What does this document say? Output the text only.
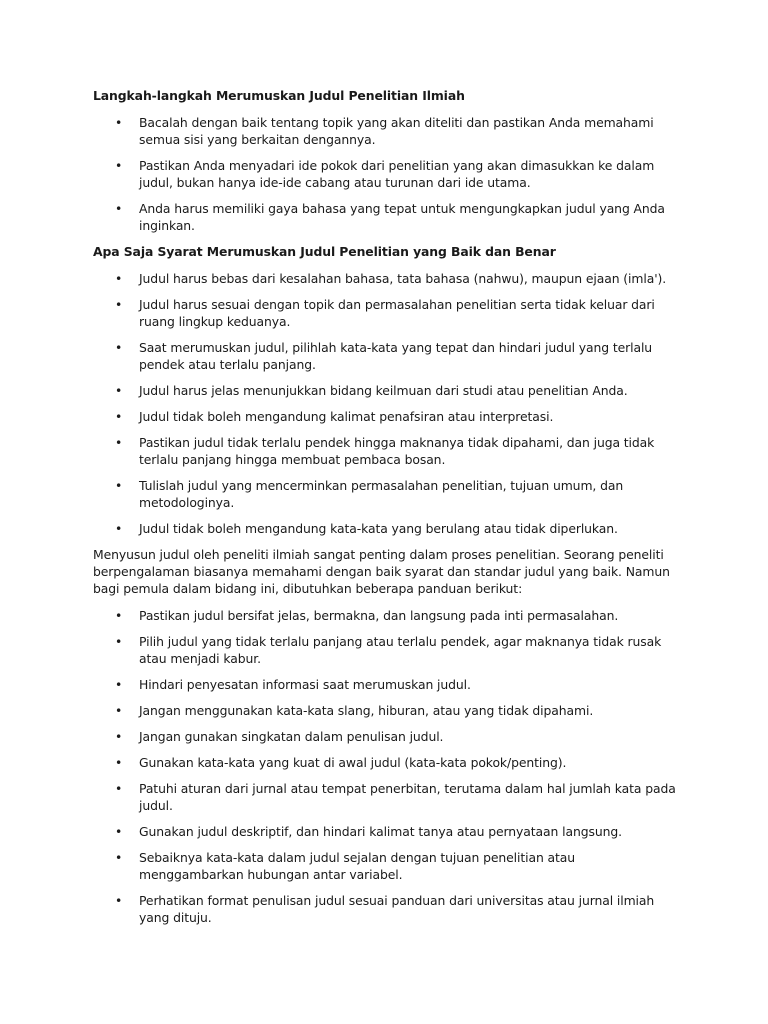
Langkah-langkah Merumuskan Judul Penelitian Ilmiah

• Bacalah dengan baik tentang topik yang akan diteliti dan pastikan Anda memahami semua sisi yang berkaitan dengannya.
• Pastikan Anda menyadari ide pokok dari penelitian yang akan dimasukkan ke dalam judul, bukan hanya ide-ide cabang atau turunan dari ide utama.
• Anda harus memiliki gaya bahasa yang tepat untuk mengungkapkan judul yang Anda inginkan.

Apa Saja Syarat Merumuskan Judul Penelitian yang Baik dan Benar

• Judul harus bebas dari kesalahan bahasa, tata bahasa (nahwu), maupun ejaan (imla').
• Judul harus sesuai dengan topik dan permasalahan penelitian serta tidak keluar dari ruang lingkup keduanya.
• Saat merumuskan judul, pilihlah kata-kata yang tepat dan hindari judul yang terlalu pendek atau terlalu panjang.
• Judul harus jelas menunjukkan bidang keilmuan dari studi atau penelitian Anda.
• Judul tidak boleh mengandung kalimat penafsiran atau interpretasi.
• Pastikan judul tidak terlalu pendek hingga maknanya tidak dipahami, dan juga tidak terlalu panjang hingga membuat pembaca bosan.
• Tulislah judul yang mencerminkan permasalahan penelitian, tujuan umum, dan metodologinya.
• Judul tidak boleh mengandung kata-kata yang berulang atau tidak diperlukan.

Menyusun judul oleh peneliti ilmiah sangat penting dalam proses penelitian. Seorang peneliti berpengalaman biasanya memahami dengan baik syarat dan standar judul yang baik. Namun bagi pemula dalam bidang ini, dibutuhkan beberapa panduan berikut:

• Pastikan judul bersifat jelas, bermakna, dan langsung pada inti permasalahan.
• Pilih judul yang tidak terlalu panjang atau terlalu pendek, agar maknanya tidak rusak atau menjadi kabur.
• Hindari penyesatan informasi saat merumuskan judul.
• Jangan menggunakan kata-kata slang, hiburan, atau yang tidak dipahami.
• Jangan gunakan singkatan dalam penulisan judul.
• Gunakan kata-kata yang kuat di awal judul (kata-kata pokok/penting).
• Patuhi aturan dari jurnal atau tempat penerbitan, terutama dalam hal jumlah kata pada judul.
• Gunakan judul deskriptif, dan hindari kalimat tanya atau pernyataan langsung.
• Sebaiknya kata-kata dalam judul sejalan dengan tujuan penelitian atau menggambarkan hubungan antar variabel.
• Perhatikan format penulisan judul sesuai panduan dari universitas atau jurnal ilmiah yang dituju.
